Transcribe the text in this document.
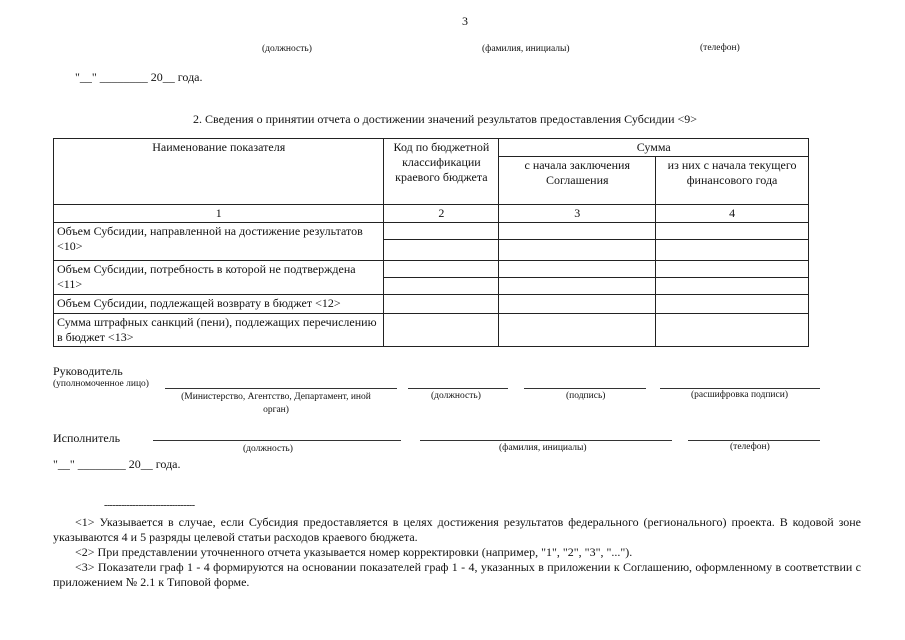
3
(должность)	(фамилия, инициалы)	(телефон)
"__" ________ 20__ года.
2. Сведения о принятии отчета о достижении значений результатов предоставления Субсидии <9>
Наименование показателя	Код по бюджетной классификации краевого бюджета	Сумма	
		с начала заключения Соглашения	из них с начала текущего финансового года
1	2	3	4
Объем Субсидии, направленной на достижение результатов <10>	

Объем Субсидии, потребность в которой не подтверждена <11>	

Объем Субсидии, подлежащей возврату в бюджет <12>			
Сумма штрафных санкций (пени), подлежащих перечислению в бюджет <13>			
Руководитель
(уполномоченное лицо)
(Министерство, Агентство, Департамент, иной орган)
(должность)	(подпись)	(расшифровка подписи)
Исполнитель
(должность)	(фамилия, инициалы)	(телефон)
"__" ________ 20__ года.
--------------------------------
<1> Указывается в случае, если Субсидия предоставляется в целях достижения результатов федерального (регионального) проекта. В кодовой зоне указываются 4 и 5 разряды целевой статьи расходов краевого бюджета.
<2> При представлении уточненного отчета указывается номер корректировки (например, "1", "2", "3", "...").
<3> Показатели граф 1 - 4 формируются на основании показателей граф 1 - 4, указанных в приложении к Соглашению, оформленному в соответствии с приложением № 2.1 к Типовой форме.
